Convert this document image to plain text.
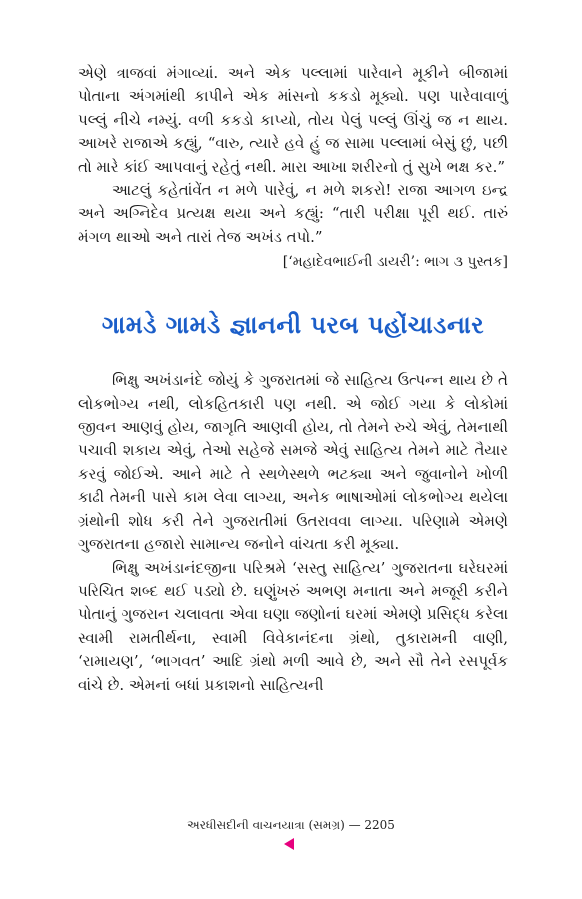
એણે ત્રાજવાં મંગાવ્યાં. અને એક પલ્લામાં પારેવાને મૂકીને બીજામાં પોતાના અંગમાંથી કાપીને એક માંસનો કકડો મૂક્યો. પણ પારેવાવાળું પલ્લું નીચે નમ્યું. વળી કકડો કાપ્યો, તોય પેલું પલ્લું ઊંચું જ ન થાય. આખરે રાજાએ કહ્યું, “વારુ, ત્યારે હવે હું જ સામા પલ્લામાં બેસું છું, પછી તો મારે કાંઈ આપવાનું રહેતું નથી. મારા આખા શરીરનો તું સુખે ભક્ષ કર.”

આટલું કહેતાંવેંત ન મળે પારેવું, ન મળે શકરો! રાજા આગળ ઇન્દ્ર અને અગ્નિદેવ પ્રત્યક્ષ થયા અને કહ્યું: “તારી પરીક્ષા પૂરી થઈ. તારું મંગળ થાઓ અને તારાં તેજ અખંડ તપો.”

[‘મહાદેવભાઈની ડાયરી’: ભાગ ૩ પુસ્તક]
ગામડે ગામડે જ્ઞાનની પરબ પહોંચાડનાર

ભિક્ષુ અખંડાનંદે જોયું કે ગુજરાતમાં જે સાહિત્ય ઉત્પન્ન થાય છે તે લોકભોગ્ય નથી, લોકહિતકારી પણ નથી. એ જોઈ ગયા કે લોકોમાં જીવન આણવું હોય, જાગૃતિ આણવી હોય, તો તેમને રુચે એવું, તેમનાથી પચાવી શકાય એવું, તેઓ સહેજે સમજે એવું સાહિત્ય તેમને માટે તૈયાર કરવું જોઈએ. આને માટે તે સ્થળેસ્થળે ભટક્યા અને જુવાનોને ખોળી કાઢી તેમની પાસે કામ લેવા લાગ્યા, અનેક ભાષાઓમાં લોકભોગ્ય થયેલા ગ્રંથોની શોધ કરી તેને ગુજરાતીમાં ઉતરાવવા લાગ્યા. પરિણામે એમણે ગુજરાતના હજારો સામાન્ય જનોને વાંચતા કરી મૂક્યા.

ભિક્ષુ અખંડાનંદજીના પરિશ્રમે ‘સસ્તુ સાહિત્ય’ ગુજરાતના ઘરેઘરમાં પરિચિત શબ્દ થઈ પડ્યો છે. ઘણુંખરું અભણ મનાતા અને મજૂરી કરીને પોતાનું ગુજરાન ચલાવતા એવા ઘણા જણોનાં ઘરમાં એમણે પ્રસિદ્ધ કરેલા સ્વામી રામતીર્થના, સ્વામી વિવેકાનંદના ગ્રંથો, તુકારામની વાણી, ‘રામાયણ’, ‘ભાગવત’ આદિ ગ્રંથો મળી આવે છે, અને સૌ તેને રસપૂર્વક વાંચે છે. એમનાં બધાં પ્રકાશનો સાહિત્યની

અરધીસદીની વાચનયાત્રા (સમગ્ર) — 2205
